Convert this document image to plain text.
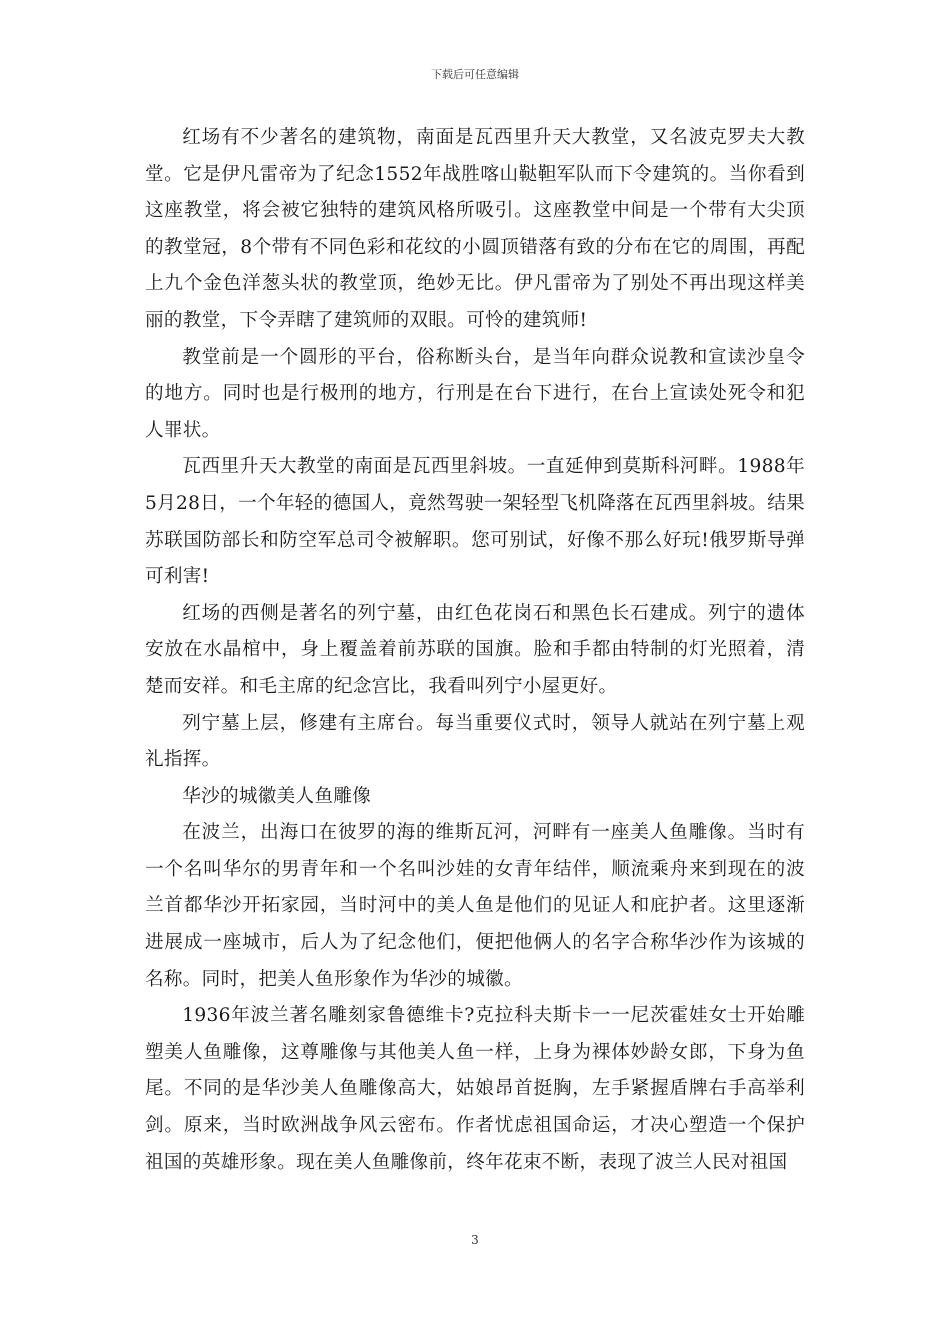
下载后可任意编辑

红场有不少著名的建筑物，南面是瓦西里升天大教堂，又名波克罗夫大教堂。它是伊凡雷帝为了纪念1552年战胜喀山鞑靼军队而下令建筑的。当你看到这座教堂，将会被它独特的建筑风格所吸引。这座教堂中间是一个带有大尖顶的教堂冠，8个带有不同色彩和花纹的小圆顶错落有致的分布在它的周围，再配上九个金色洋葱头状的教堂顶，绝妙无比。伊凡雷帝为了别处不再出现这样美丽的教堂，下令弄瞎了建筑师的双眼。可怜的建筑师!

教堂前是一个圆形的平台，俗称断头台，是当年向群众说教和宣读沙皇令的地方。同时也是行极刑的地方，行刑是在台下进行，在台上宣读处死令和犯人罪状。

瓦西里升天大教堂的南面是瓦西里斜坡。一直延伸到莫斯科河畔。1988年5月28日，一个年轻的德国人，竟然驾驶一架轻型飞机降落在瓦西里斜坡。结果苏联国防部长和防空军总司令被解职。您可别试，好像不那么好玩!俄罗斯导弹可利害!

红场的西侧是著名的列宁墓，由红色花岗石和黑色长石建成。列宁的遗体安放在水晶棺中，身上覆盖着前苏联的国旗。脸和手都由特制的灯光照着，清楚而安祥。和毛主席的纪念宫比，我看叫列宁小屋更好。

列宁墓上层，修建有主席台。每当重要仪式时，领导人就站在列宁墓上观礼指挥。

华沙的城徽美人鱼雕像

在波兰，出海口在彼罗的海的维斯瓦河，河畔有一座美人鱼雕像。当时有一个名叫华尔的男青年和一个名叫沙娃的女青年结伴，顺流乘舟来到现在的波兰首都华沙开拓家园，当时河中的美人鱼是他们的见证人和庇护者。这里逐渐进展成一座城市，后人为了纪念他们，便把他俩人的名字合称华沙作为该城的名称。同时，把美人鱼形象作为华沙的城徽。

1936年波兰著名雕刻家鲁德维卡?克拉科夫斯卡一一尼茨霍娃女士开始雕塑美人鱼雕像，这尊雕像与其他美人鱼一样，上身为裸体妙龄女郎，下身为鱼尾。不同的是华沙美人鱼雕像高大，姑娘昂首挺胸，左手紧握盾牌右手高举利剑。原来，当时欧洲战争风云密布。作者忧虑祖国命运，才决心塑造一个保护祖国的英雄形象。现在美人鱼雕像前，终年花束不断，表现了波兰人民对祖国

3
